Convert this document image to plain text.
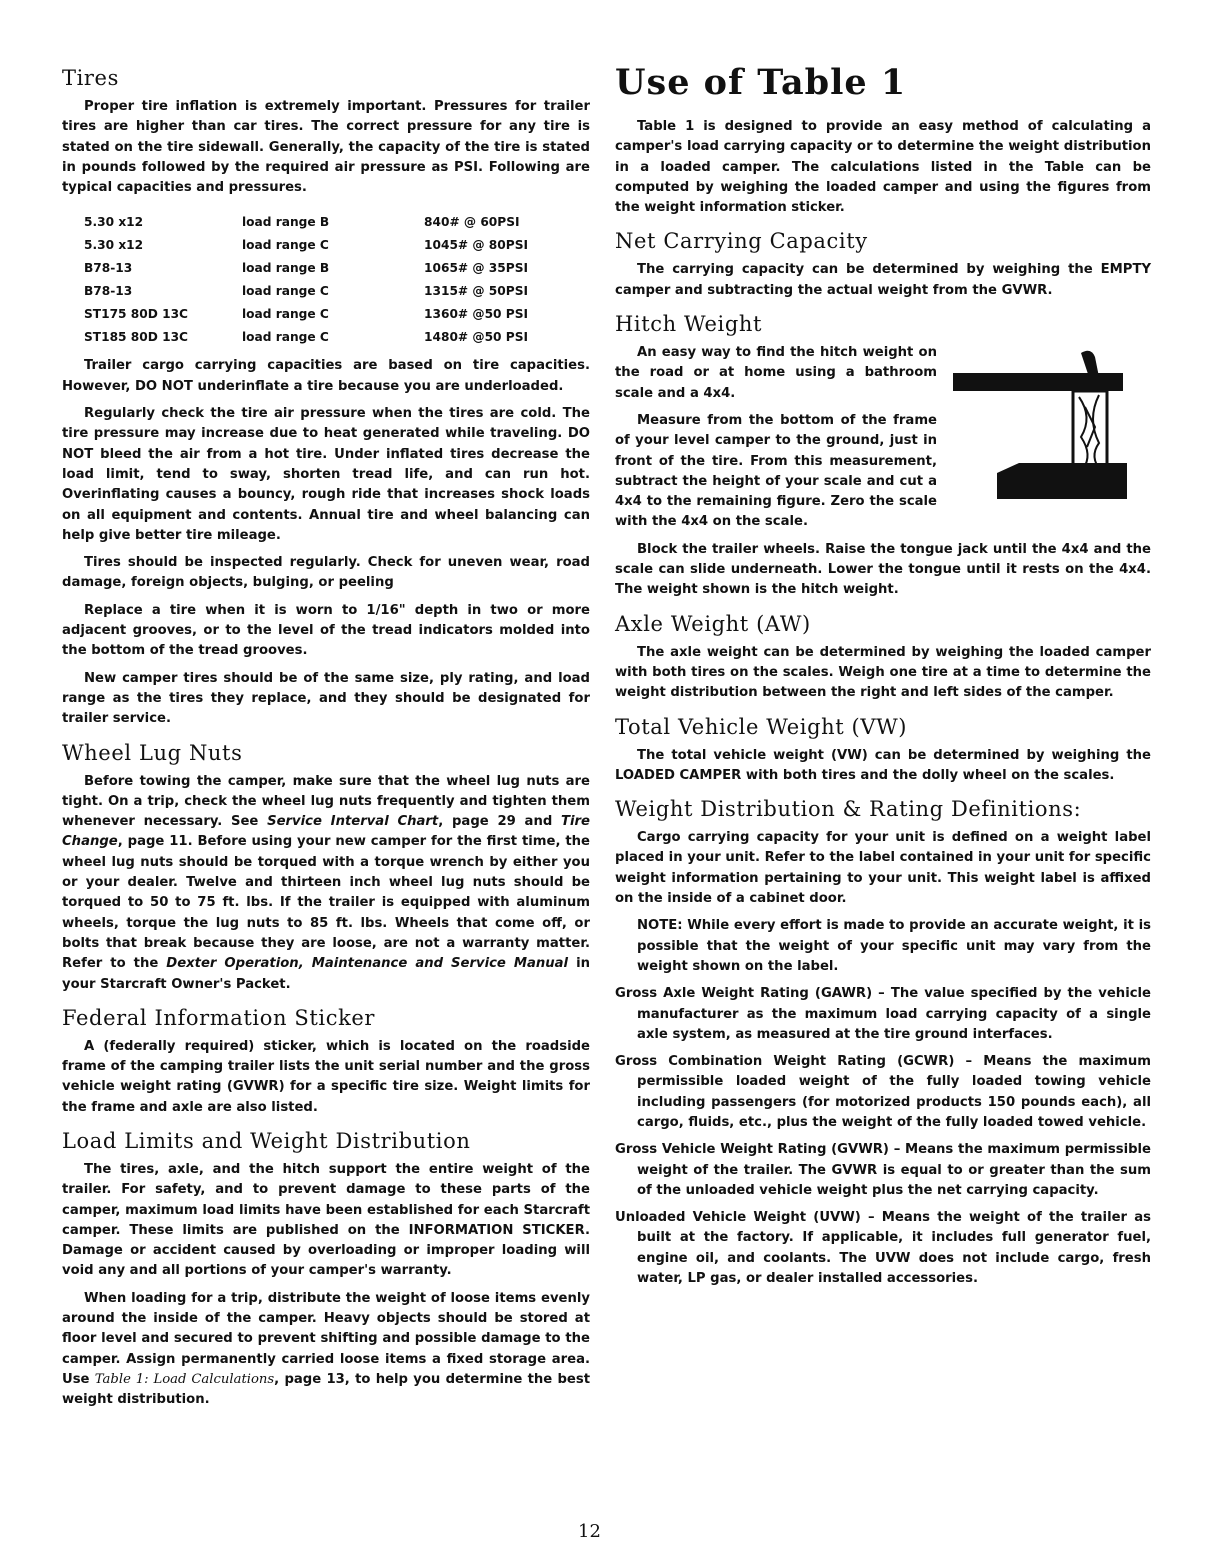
Tires

Proper tire inflation is extremely important. Pressures for trailer tires are higher than car tires. The correct pressure for any tire is stated on the tire sidewall. Generally, the capacity of the tire is stated in pounds followed by the required air pressure as PSI. Following are typical capacities and pressures.

5.30 x12	load range B	840# @ 60PSI
5.30 x12	load range C	1045# @ 80PSI
B78-13	load range B	1065# @ 35PSI
B78-13	load range C	1315# @ 50PSI
ST175 80D 13C	load range C	1360# @50 PSI
ST185 80D 13C	load range C	1480# @50 PSI

Trailer cargo carrying capacities are based on tire capacities. However, DO NOT underinflate a tire because you are underloaded.

Regularly check the tire air pressure when the tires are cold. The tire pressure may increase due to heat generated while traveling. DO NOT bleed the air from a hot tire. Under inflated tires decrease the load limit, tend to sway, shorten tread life, and can run hot. Overinflating causes a bouncy, rough ride that increases shock loads on all equipment and contents. Annual tire and wheel balancing can help give better tire mileage.

Tires should be inspected regularly. Check for uneven wear, road damage, foreign objects, bulging, or peeling

Replace a tire when it is worn to 1/16" depth in two or more adjacent grooves, or to the level of the tread indicators molded into the bottom of the tread grooves.

New camper tires should be of the same size, ply rating, and load range as the tires they replace, and they should be designated for trailer service.

Wheel Lug Nuts

Before towing the camper, make sure that the wheel lug nuts are tight. On a trip, check the wheel lug nuts frequently and tighten them whenever necessary. See Service Interval Chart, page 29 and Tire Change, page 11. Before using your new camper for the first time, the wheel lug nuts should be torqued with a torque wrench by either you or your dealer. Twelve and thirteen inch wheel lug nuts should be torqued to 50 to 75 ft. lbs. If the trailer is equipped with aluminum wheels, torque the lug nuts to 85 ft. lbs. Wheels that come off, or bolts that break because they are loose, are not a warranty matter. Refer to the Dexter Operation, Maintenance and Service Manual in your Starcraft Owner's Packet.

Federal Information Sticker

A (federally required) sticker, which is located on the roadside frame of the camping trailer lists the unit serial number and the gross vehicle weight rating (GVWR) for a specific tire size. Weight limits for the frame and axle are also listed.

Load Limits and Weight Distribution

The tires, axle, and the hitch support the entire weight of the trailer. For safety, and to prevent damage to these parts of the camper, maximum load limits have been established for each Starcraft camper. These limits are published on the INFORMATION STICKER. Damage or accident caused by overloading or improper loading will void any and all portions of your camper's warranty.

When loading for a trip, distribute the weight of loose items evenly around the inside of the camper. Heavy objects should be stored at floor level and secured to prevent shifting and possible damage to the camper. Assign permanently carried loose items a fixed storage area. Use Table 1: Load Calculations, page 13, to help you determine the best weight distribution.

Use of Table 1

Table 1 is designed to provide an easy method of calculating a camper's load carrying capacity or to determine the weight distribution in a loaded camper. The calculations listed in the Table can be computed by weighing the loaded camper and using the figures from the weight information sticker.

Net Carrying Capacity

The carrying capacity can be determined by weighing the EMPTY camper and subtracting the actual weight from the GVWR.

Hitch Weight

An easy way to find the hitch weight on the road or at home using a bathroom scale and a 4x4.

Measure from the bottom of the frame of your level camper to the ground, just in front of the tire. From this measurement, subtract the height of your scale and cut a 4x4 to the remaining figure. Zero the scale with the 4x4 on the scale.

Block the trailer wheels. Raise the tongue jack until the 4x4 and the scale can slide underneath. Lower the tongue until it rests on the 4x4. The weight shown is the hitch weight.

Axle Weight (AW)

The axle weight can be determined by weighing the loaded camper with both tires on the scales. Weigh one tire at a time to determine the weight distribution between the right and left sides of the camper.

Total Vehicle Weight (VW)

The total vehicle weight (VW) can be determined by weighing the LOADED CAMPER with both tires and the dolly wheel on the scales.

Weight Distribution & Rating Definitions:

Cargo carrying capacity for your unit is defined on a weight label placed in your unit. Refer to the label contained in your unit for specific weight information pertaining to your unit. This weight label is affixed on the inside of a cabinet door.

NOTE: While every effort is made to provide an accurate weight, it is possible that the weight of your specific unit may vary from the weight shown on the label.

Gross Axle Weight Rating (GAWR) – The value specified by the vehicle manufacturer as the maximum load carrying capacity of a single axle system, as measured at the tire ground interfaces.

Gross Combination Weight Rating (GCWR) – Means the maximum permissible loaded weight of the fully loaded towing vehicle including passengers (for motorized products 150 pounds each), all cargo, fluids, etc., plus the weight of the fully loaded towed vehicle.

Gross Vehicle Weight Rating (GVWR) – Means the maximum permissible weight of the trailer. The GVWR is equal to or greater than the sum of the unloaded vehicle weight plus the net carrying capacity.

Unloaded Vehicle Weight (UVW) – Means the weight of the trailer as built at the factory. If applicable, it includes full generator fuel, engine oil, and coolants. The UVW does not include cargo, fresh water, LP gas, or dealer installed accessories.

12
